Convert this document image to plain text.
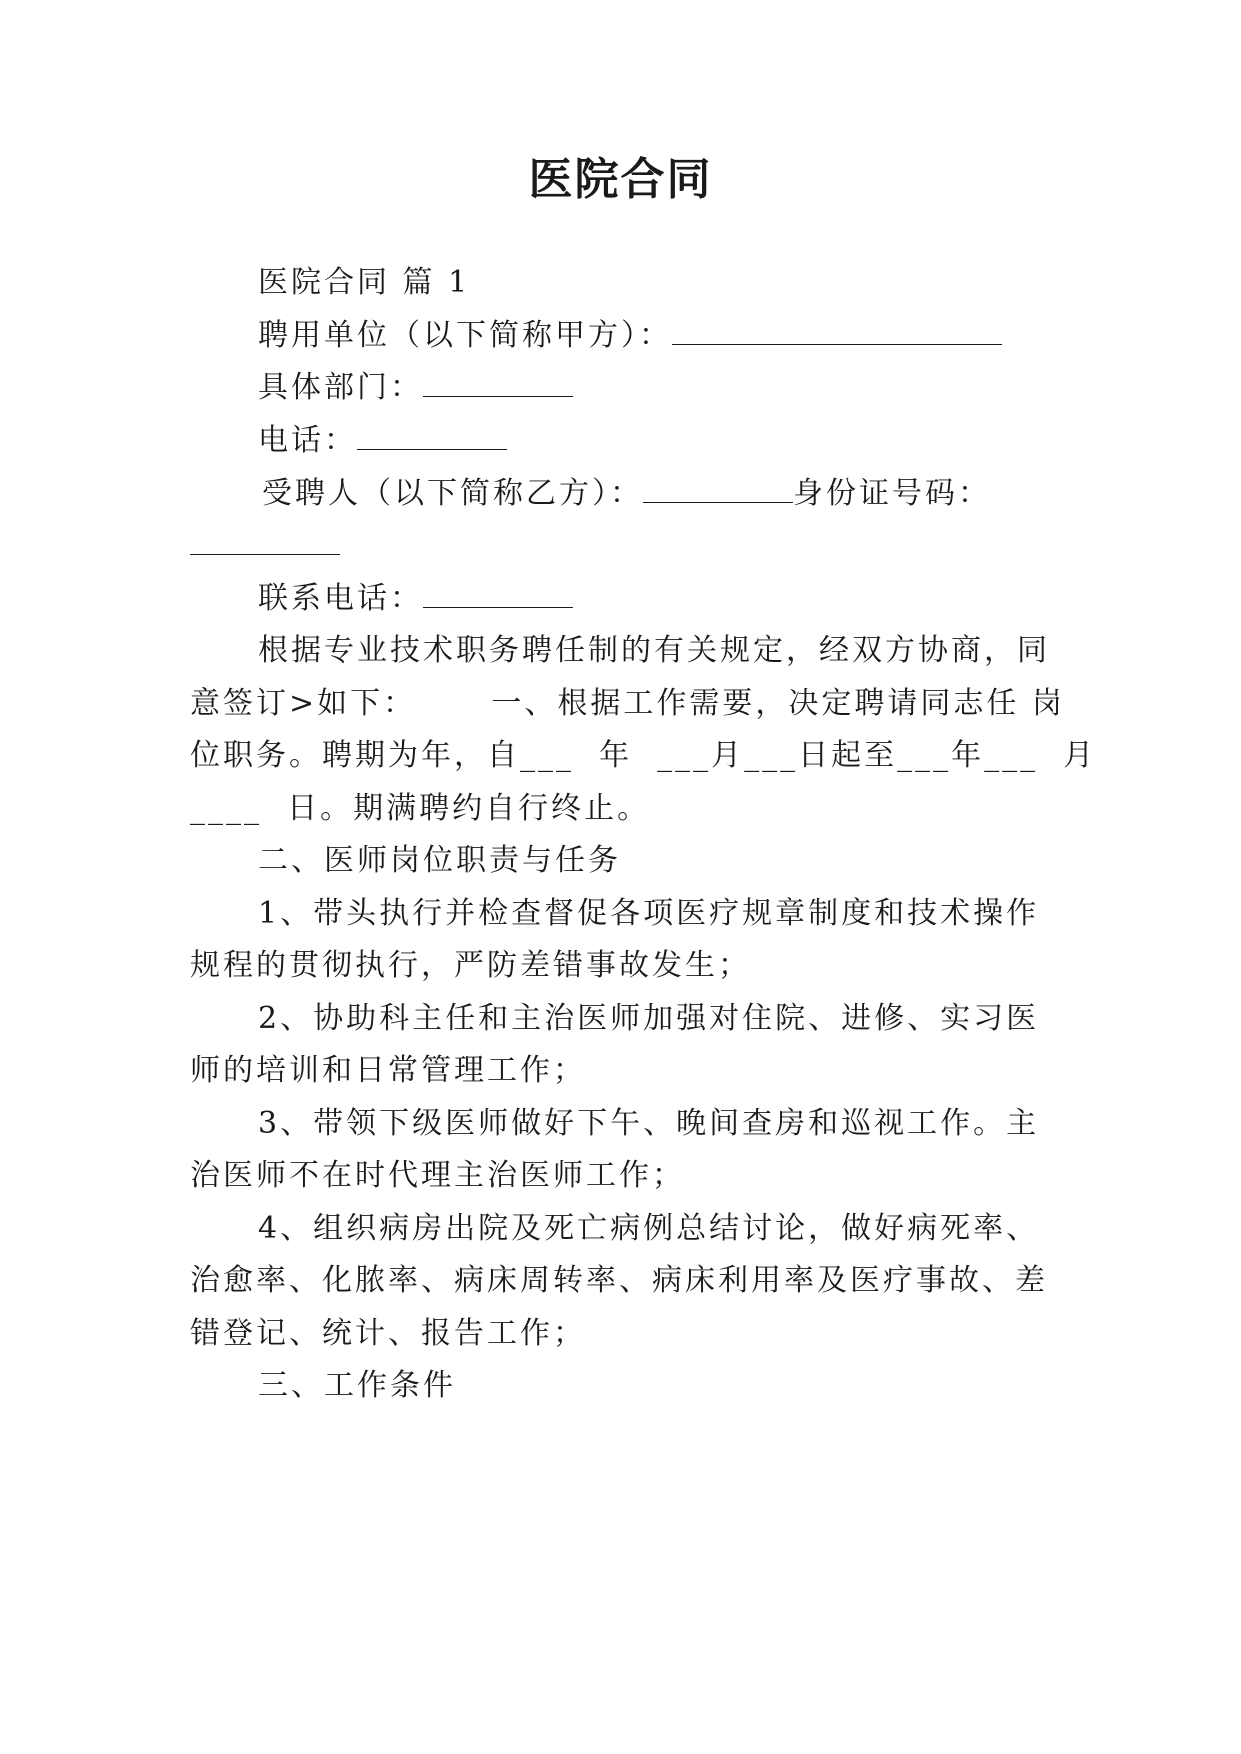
医院合同
医院合同 篇 1
聘用单位（以下简称甲方）：
具体部门：
电话：
受聘人（以下简称乙方）：	身份证号码：
联系电话：
根据专业技术职务聘任制的有关规定，经双方协商，同
意签订>如下：      一、根据工作需要，决定聘请同志任 岗
位职务。聘期为年，自___  年  ___月___日起至___年___  月
____  日。期满聘约自行终止。
二、医师岗位职责与任务
1、带头执行并检查督促各项医疗规章制度和技术操作
规程的贯彻执行，严防差错事故发生；
2、协助科主任和主治医师加强对住院、进修、实习医
师的培训和日常管理工作；
3、带领下级医师做好下午、晚间查房和巡视工作。主
治医师不在时代理主治医师工作；
4、组织病房出院及死亡病例总结讨论，做好病死率、
治愈率、化脓率、病床周转率、病床利用率及医疗事故、差
错登记、统计、报告工作；
三、工作条件
